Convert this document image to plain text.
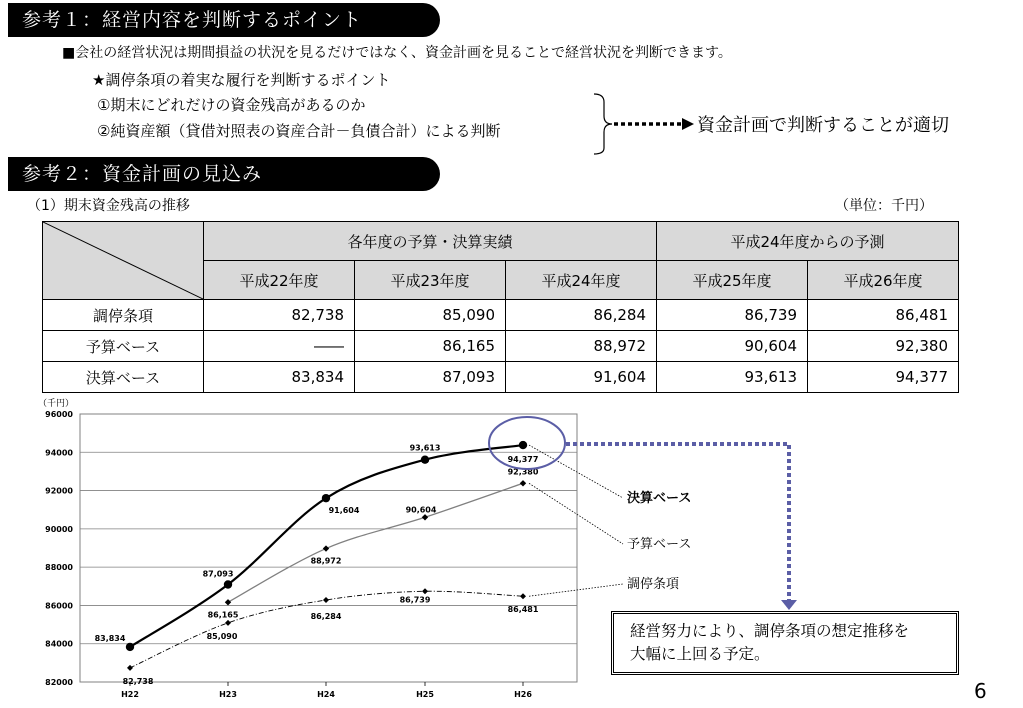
参考１：経営内容を判断するポイント
■会社の経営状況は期間損益の状況を見るだけではなく、資金計画を見ることで経営状況を判断できます。
★調停条項の着実な履行を判断するポイント
①期末にどれだけの資金残高があるのか
②純資産額（貸借対照表の資産合計－負債合計）による判断	資金計画で判断することが適切
参考２：資金計画の見込み
（1）期末資金残高の推移	（単位：千円）
	各年度の予算・決算実績			平成24年度からの予測	
	平成22年度	平成23年度	平成24年度	平成25年度	平成26年度
調停条項	82,738	85,090	86,284	86,739	86,481
予算ベース	――	86,165	88,972	90,604	92,380
決算ベース	83,834	87,093	91,604	93,613	94,377
82000
84000
86000
88000
90000
92000
94000
96000
（千円）
H22	H23	H24	H25	H26
83,834
87,093
91,604
93,613
94,377
86,165
88,972
90,604
92,380
82,738
85,090
86,284
86,739
86,481
決算ベース
予算ベース
調停条項
経営努力により、調停条項の想定推移を
大幅に上回る予定。
6
